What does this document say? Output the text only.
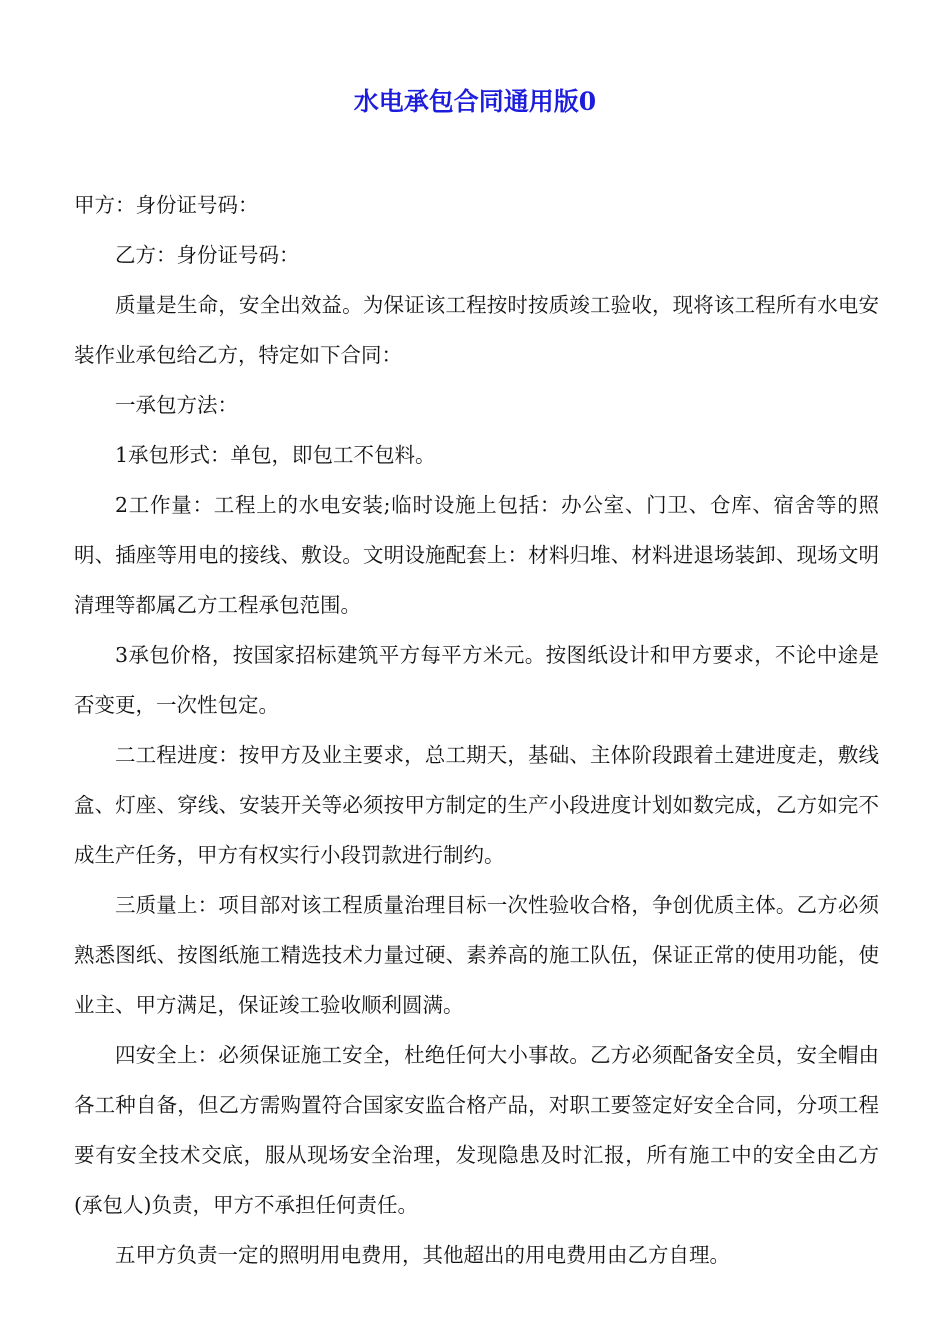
水电承包合同通用版0

甲方：身份证号码：

乙方：身份证号码：

质量是生命，安全出效益。为保证该工程按时按质竣工验收，现将该工程所有水电安装作业承包给乙方，特定如下合同：

一承包方法：

1承包形式：单包，即包工不包料。

2工作量：工程上的水电安装;临时设施上包括：办公室、门卫、仓库、宿舍等的照明、插座等用电的接线、敷设。文明设施配套上：材料归堆、材料进退场装卸、现场文明清理等都属乙方工程承包范围。

3承包价格，按国家招标建筑平方每平方米元。按图纸设计和甲方要求，不论中途是否变更，一次性包定。

二工程进度：按甲方及业主要求，总工期天，基础、主体阶段跟着土建进度走，敷线盒、灯座、穿线、安装开关等必须按甲方制定的生产小段进度计划如数完成，乙方如完不成生产任务，甲方有权实行小段罚款进行制约。

三质量上：项目部对该工程质量治理目标一次性验收合格，争创优质主体。乙方必须熟悉图纸、按图纸施工精选技术力量过硬、素养高的施工队伍，保证正常的使用功能，使业主、甲方满足，保证竣工验收顺利圆满。

四安全上：必须保证施工安全，杜绝任何大小事故。乙方必须配备安全员，安全帽由各工种自备，但乙方需购置符合国家安监合格产品，对职工要签定好安全合同，分项工程要有安全技术交底，服从现场安全治理，发现隐患及时汇报，所有施工中的安全由乙方(承包人)负责，甲方不承担任何责任。

五甲方负责一定的照明用电费用，其他超出的用电费用由乙方自理。
